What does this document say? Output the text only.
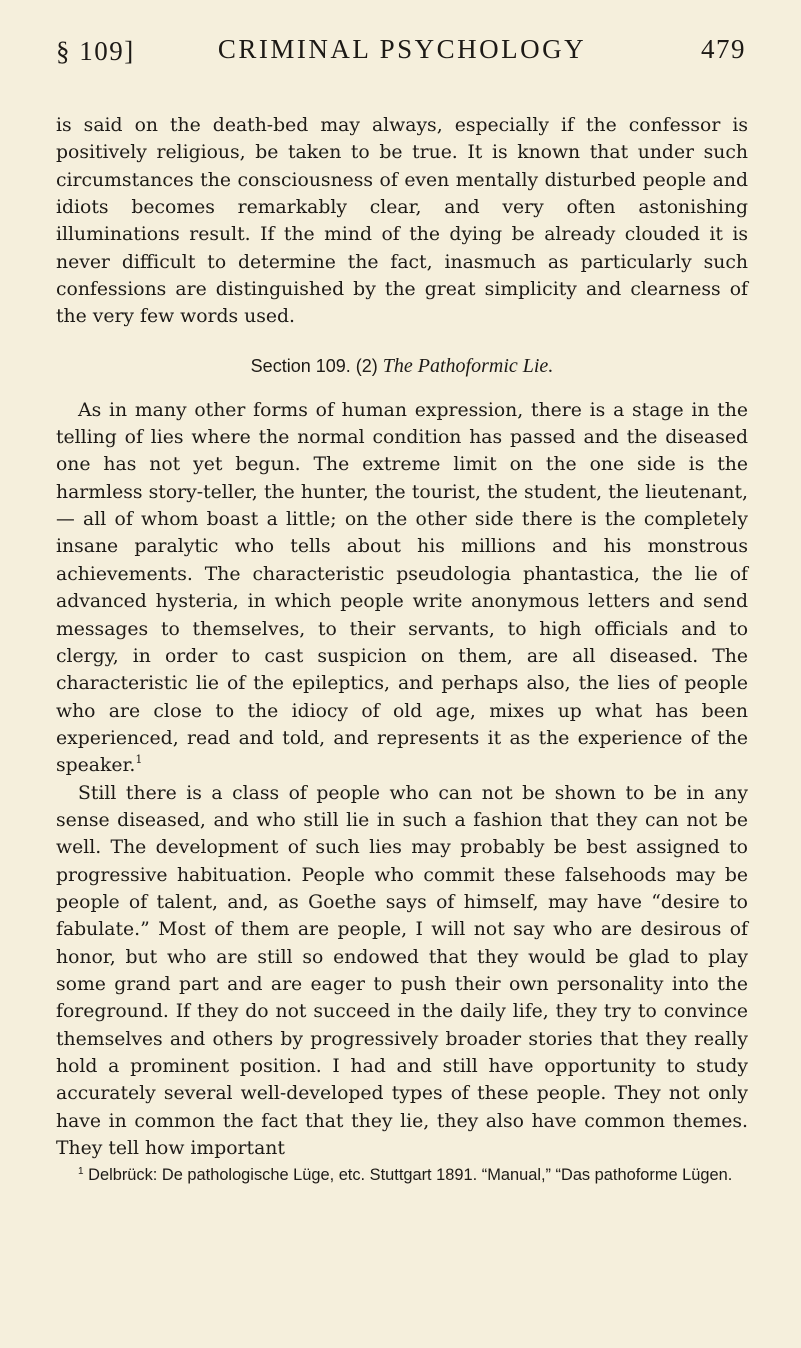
§ 109]	CRIMINAL PSYCHOLOGY	479

is said on the death-bed may always, especially if the confessor is positively religious, be taken to be true. It is known that under such circumstances the consciousness of even mentally disturbed people and idiots becomes remarkably clear, and very often astonishing illuminations result. If the mind of the dying be already clouded it is never difficult to determine the fact, inasmuch as particularly such confessions are distinguished by the great simplicity and clearness of the very few words used.

Section 109. (2) The Pathoformic Lie.

As in many other forms of human expression, there is a stage in the telling of lies where the normal condition has passed and the diseased one has not yet begun. The extreme limit on the one side is the harmless story-teller, the hunter, the tourist, the student, the lieutenant, — all of whom boast a little; on the other side there is the completely insane paralytic who tells about his millions and his monstrous achievements. The characteristic pseudologia phantastica, the lie of advanced hysteria, in which people write anonymous letters and send messages to themselves, to their servants, to high officials and to clergy, in order to cast suspicion on them, are all diseased. The characteristic lie of the epileptics, and perhaps also, the lies of people who are close to the idiocy of old age, mixes up what has been experienced, read and told, and represents it as the experience of the speaker.$^1$

Still there is a class of people who can not be shown to be in any sense diseased, and who still lie in such a fashion that they can not be well. The development of such lies may probably be best assigned to progressive habituation. People who commit these falsehoods may be people of talent, and, as Goethe says of himself, may have “desire to fabulate.” Most of them are people, I will not say who are desirous of honor, but who are still so endowed that they would be glad to play some grand part and are eager to push their own personality into the foreground. If they do not succeed in the daily life, they try to convince themselves and others by progressively broader stories that they really hold a prominent position. I had and still have opportunity to study accurately several well-developed types of these people. They not only have in common the fact that they lie, they also have common themes. They tell how important

$^1$ Delbrück: De pathologische Lüge, etc. Stuttgart 1891. “Manual,” “Das pathoforme Lügen.
